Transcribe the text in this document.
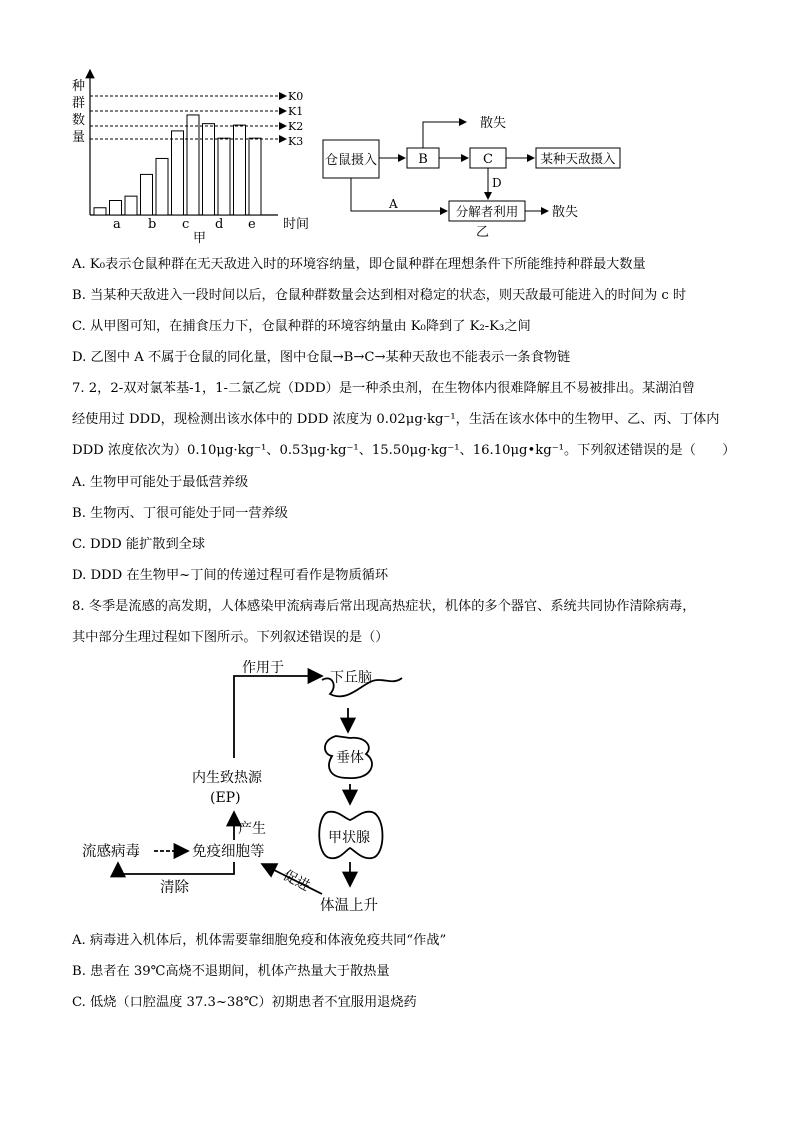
种
群
数
量
K0
K1
K2
K3
a b c d e 时间
甲
仓鼠摄入	B	C	某种天敌摄入
散失
D
A	分解者利用	散失
乙
A. K₀表示仓鼠种群在无天敌进入时的环境容纳量，即仓鼠种群在理想条件下所能维持种群最大数量
B. 当某种天敌进入一段时间以后，仓鼠种群数量会达到相对稳定的状态，则天敌最可能进入的时间为 c 时
C. 从甲图可知，在捕食压力下，仓鼠种群的环境容纳量由 K₀降到了 K₂-K₃之间
D. 乙图中 A 不属于仓鼠的同化量，图中仓鼠→B→C→某种天敌也不能表示一条食物链
7. 2，2-双对氯苯基-1，1-二氯乙烷（DDD）是一种杀虫剂，在生物体内很难降解且不易被排出。某湖泊曾
经使用过 DDD，现检测出该水体中的 DDD 浓度为 0.02μg·kg⁻¹，生活在该水体中的生物甲、乙、丙、丁体内
DDD 浓度依次为）0.10μg·kg⁻¹、0.53μg·kg⁻¹、15.50μg·kg⁻¹、16.10μg•kg⁻¹。下列叙述错误的是（　　）
A. 生物甲可能处于最低营养级
B. 生物丙、丁很可能处于同一营养级
C. DDD 能扩散到全球
D. DDD 在生物甲~丁间的传递过程可看作是物质循环
8. 冬季是流感的高发期，人体感染甲流病毒后常出现高热症状，机体的多个器官、系统共同协作清除病毒，
其中部分生理过程如下图所示。下列叙述错误的是（）
作用于
下丘脑
垂体
甲状腺
体温上升
内生致热源
(EP)
产生
流感病毒	免疫细胞等
清除	促进
A. 病毒进入机体后，机体需要靠细胞免疫和体液免疫共同“作战”
B. 患者在 39℃高烧不退期间，机体产热量大于散热量
C. 低烧（口腔温度 37.3~38℃）初期患者不宜服用退烧药
